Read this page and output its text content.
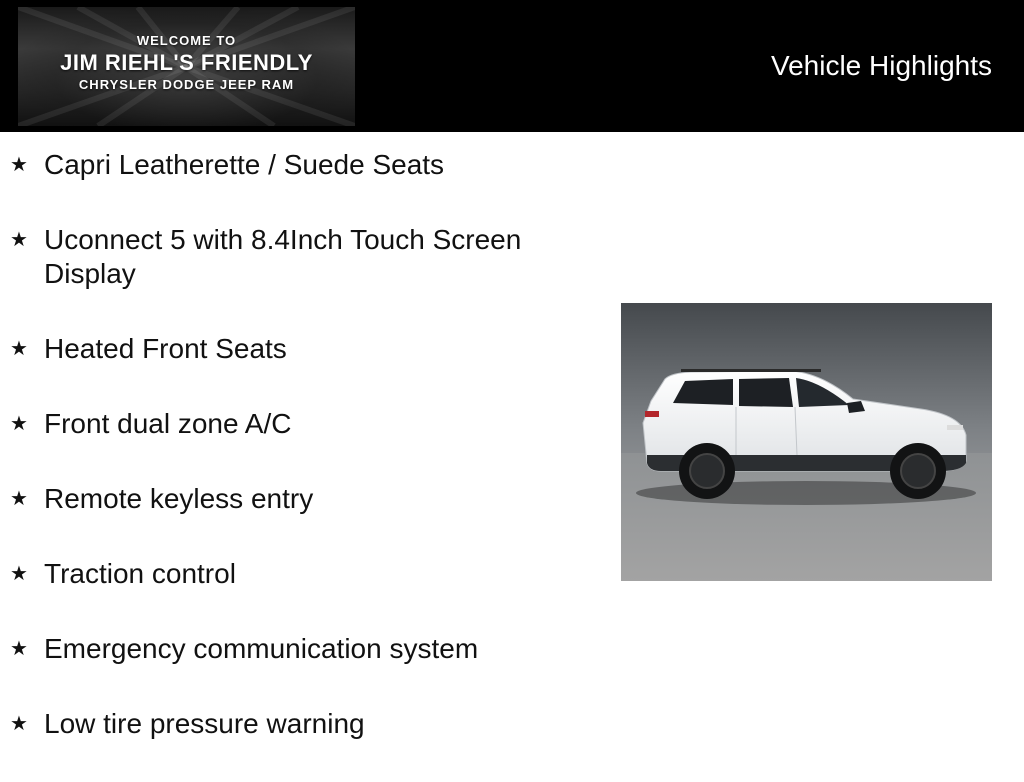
WELCOME TO
JIM RIEHL'S FRIENDLY
CHRYSLER DODGE JEEP RAM
Vehicle Highlights
★ Capri Leatherette / Suede Seats
★ Uconnect 5 with 8.4Inch Touch Screen Display
★ Heated Front Seats
★ Front dual zone A/C
★ Remote keyless entry
★ Traction control
★ Emergency communication system
★ Low tire pressure warning
